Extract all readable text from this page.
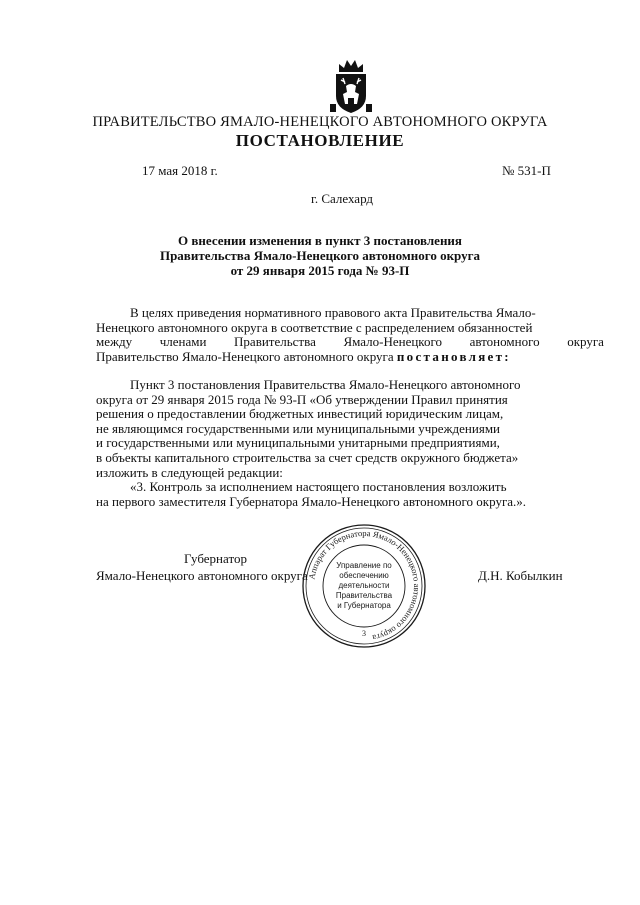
ПРАВИТЕЛЬСТВО ЯМАЛО-НЕНЕЦКОГО АВТОНОМНОГО ОКРУГА
ПОСТАНОВЛЕНИЕ
17 мая 2018 г.	№ 531-П
г. Салехард
О внесении изменения в пункт 3 постановления
Правительства Ямало-Ненецкого автономного округа
от 29 января 2015 года № 93-П
В целях приведения нормативного правового акта Правительства Ямало-
Ненецкого автономного округа в соответствие с распределением обязанностей
между членами Правительства Ямало-Ненецкого автономного округа
Правительство Ямало-Ненецкого автономного округа постановляет:
Пункт 3 постановления Правительства Ямало-Ненецкого автономного
округа от 29 января 2015 года № 93-П «Об утверждении Правил принятия
решения о предоставлении бюджетных инвестиций юридическим лицам,
не являющимся государственными или муниципальными учреждениями
и государственными или муниципальными унитарными предприятиями,
в объекты капитального строительства за счет средств окружного бюджета»
изложить в следующей редакции:
«3. Контроль за исполнением настоящего постановления возложить
на первого заместителя Губернатора Ямало-Ненецкого автономного округа.».
Губернатор
Ямало-Ненецкого автономного округа	Д.Н. Кобылкин
Аппарат Губернатора Ямало-Ненецкого автономного округа
3
Управление по
обеспечению
деятельности
Правительства
и Губернатора
